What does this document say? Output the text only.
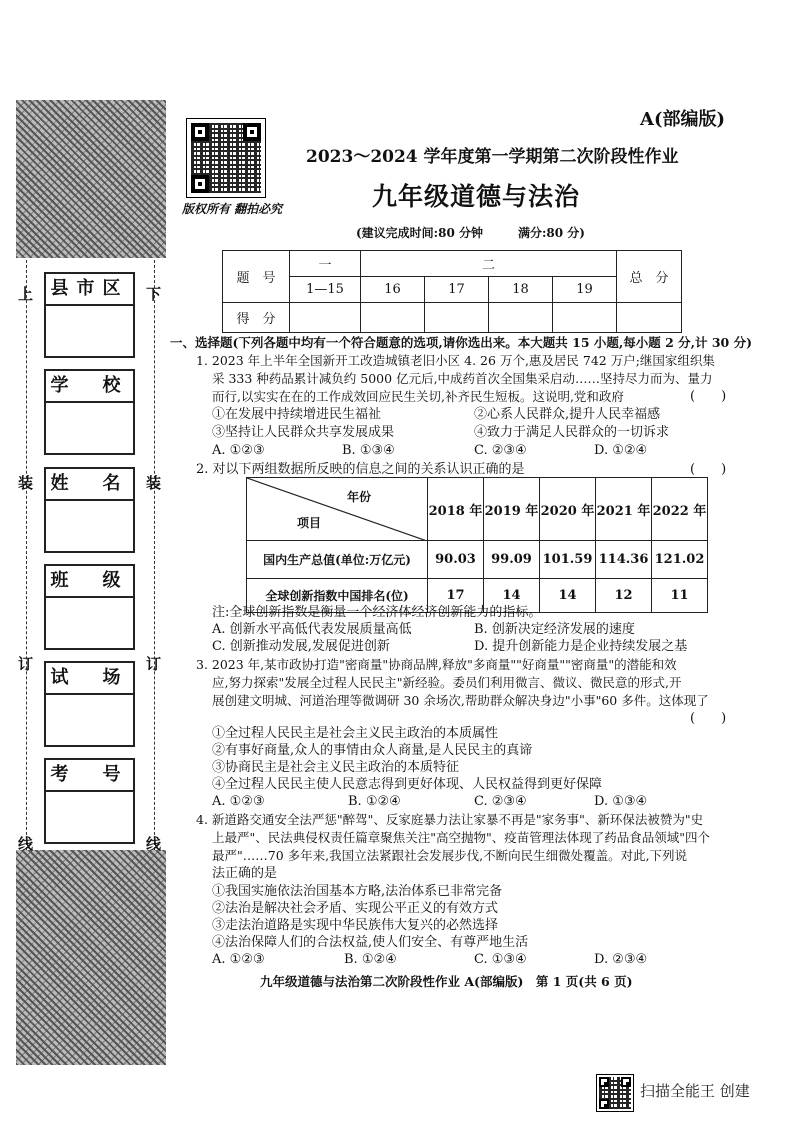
上
装
订
线
下
装
订
线
县市区
学　校
姓　名
班　级
试　场
考　号
版权所有 翻拍必究
A(部编版)
2023～2024 学年度第一学期第二次阶段性作业
九年级道德与法治
(建议完成时间:80 分钟	满分:80 分)
题　号	一	二				总　分
	1—15	16	17	18	19	
得　分						
一、选择题(下列各题中均有一个符合题意的选项,请你选出来。本大题共 15 小题,每小题 2 分,计 30 分)
1. 2023 年上半年全国新开工改造城镇老旧小区 4. 26 万个,惠及居民 742 万户;继国家组织集
采 333 种药品累计减负约 5000 亿元后,中成药首次全国集采启动……坚持尽力而为、量力
而行,以实实在在的工作成效回应民生关切,补齐民生短板。这说明,党和政府	(　　)
①在发展中持续增进民生福祉	②心系人民群众,提升人民幸福感
③坚持让人民群众共享发展成果	④致力于满足人民群众的一切诉求
A. ①②③	B. ①③④	C. ②③④	D. ①②④
2. 对以下两组数据所反映的信息之间的关系认识正确的是	(　　)
年份
项目	2018 年	2019 年	2020 年	2021 年	2022 年
国内生产总值(单位:万亿元)	90.03	99.09	101.59	114.36	121.02
全球创新指数中国排名(位)	17	14	14	12	11
注:全球创新指数是衡量一个经济体经济创新能力的指标。
A. 创新水平高低代表发展质量高低	B. 创新决定经济发展的速度
C. 创新推动发展,发展促进创新	D. 提升创新能力是企业持续发展之基
3. 2023 年,某市政协打造"密商量"协商品牌,释放"多商量""好商量""密商量"的潜能和效
应,努力探索"发展全过程人民民主"新经验。委员们利用微言、微议、微民意的形式,开
展创建文明城、河道治理等微调研 30 余场次,帮助群众解决身边"小事"60 多件。这体现了
(　　)
①全过程人民民主是社会主义民主政治的本质属性
②有事好商量,众人的事情由众人商量,是人民民主的真谛
③协商民主是社会主义民主政治的本质特征
④全过程人民民主使人民意志得到更好体现、人民权益得到更好保障
A. ①②③	B. ①②④	C. ②③④	D. ①③④
4. 新道路交通安全法严惩"醉驾"、反家庭暴力法让家暴不再是"家务事"、新环保法被赞为"史
上最严"、民法典侵权责任篇章聚焦关注"高空抛物"、疫苗管理法体现了药品食品领域"四个
最严"……70 多年来,我国立法紧跟社会发展步伐,不断向民生细微处覆盖。对此,下列说
法正确的是
①我国实施依法治国基本方略,法治体系已非常完备
②法治是解决社会矛盾、实现公平正义的有效方式
③走法治道路是实现中华民族伟大复兴的必然选择
④法治保障人们的合法权益,使人们安全、有尊严地生活
A. ①②③	B. ①②④	C. ①③④	D. ②③④
九年级道德与法治第二次阶段性作业 A(部编版)　第 1 页(共 6 页)
扫描全能王 创建
